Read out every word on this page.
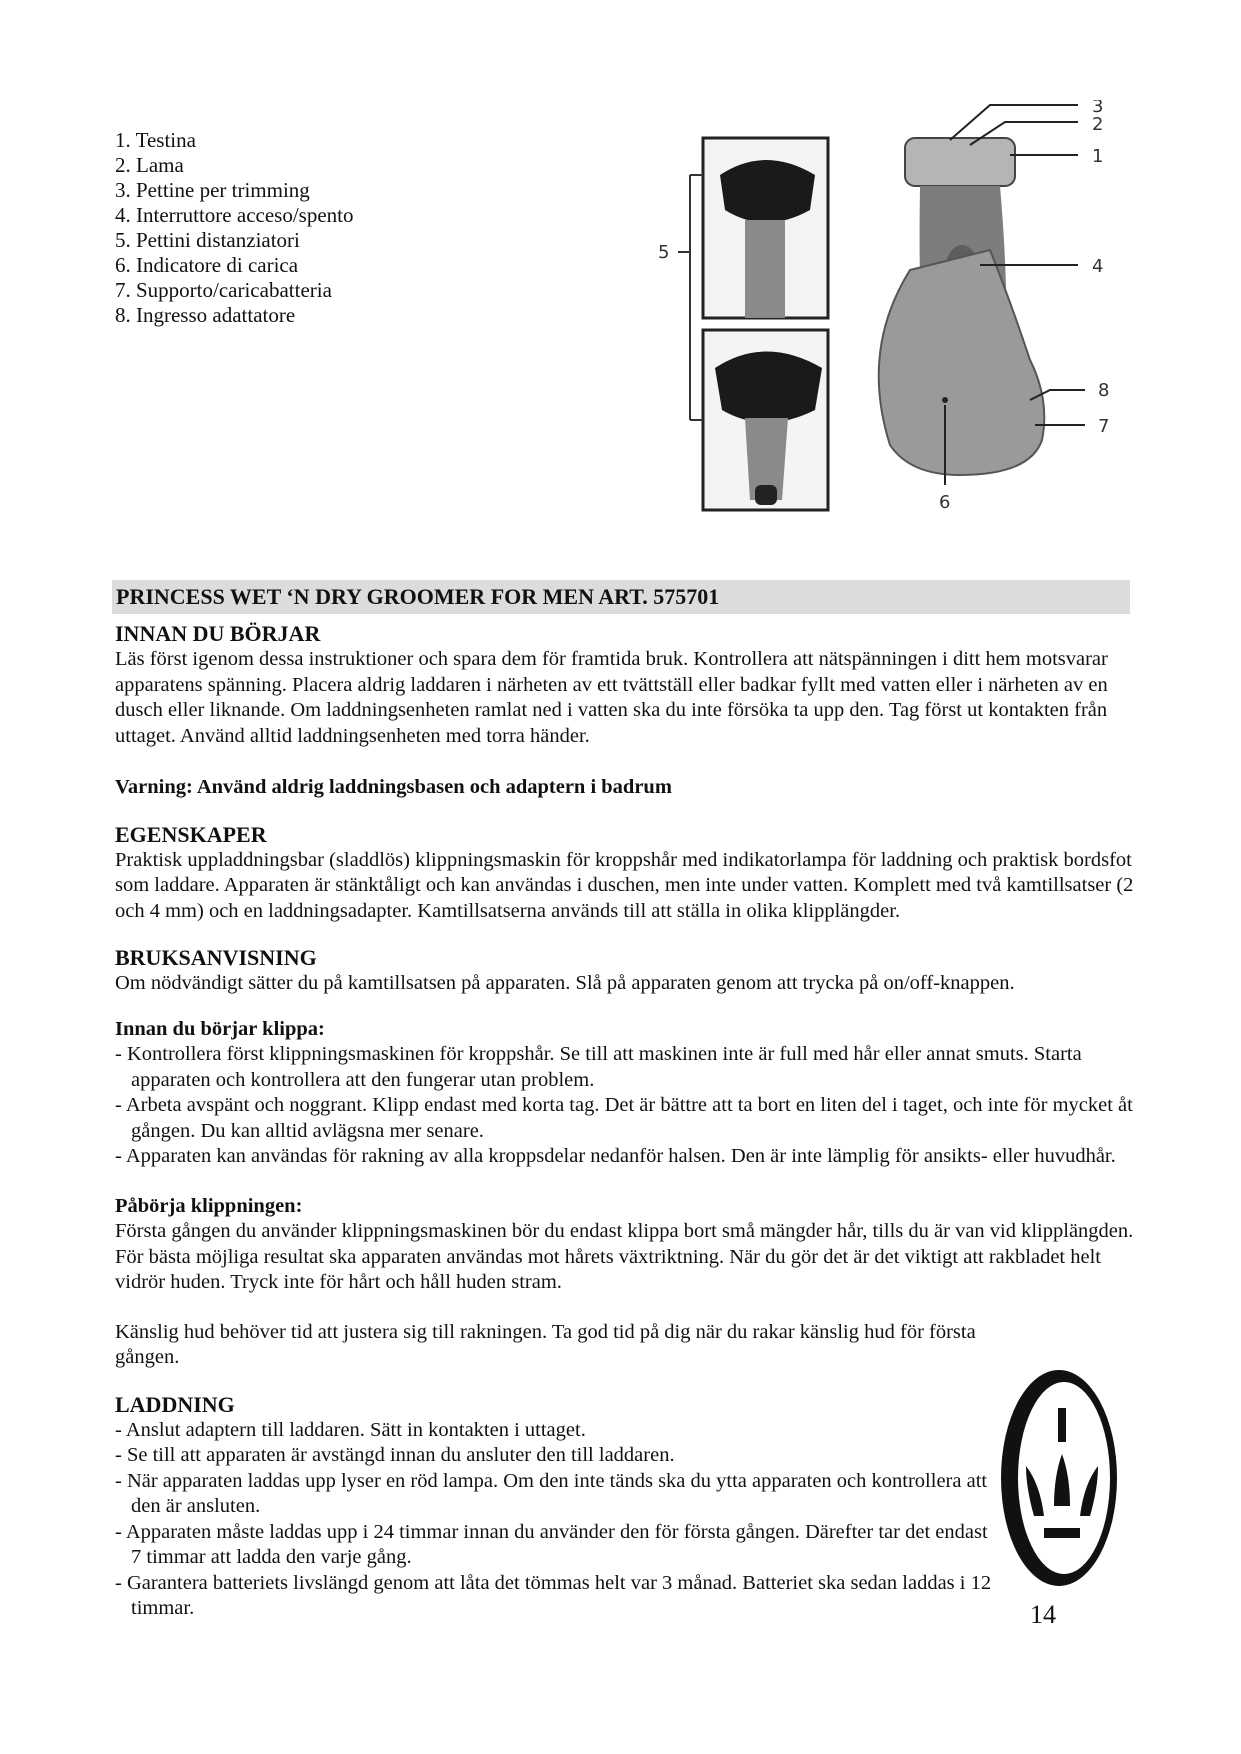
1. Testina
2. Lama
3. Pettine per trimming
4. Interruttore acceso/spento
5. Pettini distanziatori
6. Indicatore di carica
7. Supporto/caricabatteria
8. Ingresso adattatore
3
2
1
4
5
8
7
6
PRINCESS WET ‘N DRY GROOMER FOR MEN ART. 575701
INNAN DU BÖRJAR

Läs först igenom dessa instruktioner och spara dem för framtida bruk. Kontrollera att nätspänningen i ditt hem motsvarar apparatens spänning. Placera aldrig laddaren i närheten av ett tvättställ eller badkar fyllt med vatten eller i närheten av en dusch eller liknande. Om laddningsenheten ramlat ned i vatten ska du inte försöka ta upp den. Tag först ut kontakten från uttaget. Använd alltid laddningsenheten med torra händer.

Varning: Använd aldrig laddningsbasen och adaptern i badrum

EGENSKAPER

Praktisk uppladdningsbar (sladdlös) klippningsmaskin för kroppshår med indikatorlampa för laddning och praktisk bordsfot som laddare. Apparaten är stänktåligt och kan användas i duschen, men inte under vatten. Komplett med två kamtillsatser (2 och 4 mm) och en laddningsadapter. Kamtillsatserna används till att ställa in olika klipplängder.

BRUKSANVISNING

Om nödvändigt sätter du på kamtillsatsen på apparaten. Slå på apparaten genom att trycka på on/off-knappen.

Innan du börjar klippa:
- Kontrollera först klippningsmaskinen för kroppshår. Se till att maskinen inte är full med hår eller annat smuts. Starta apparaten och kontrollera att den fungerar utan problem.
- Arbeta avspänt och noggrant. Klipp endast med korta tag. Det är bättre att ta bort en liten del i taget, och inte för mycket åt gången. Du kan alltid avlägsna mer senare.
- Apparaten kan användas för rakning av alla kroppsdelar nedanför halsen. Den är inte lämplig för ansikts- eller huvudhår.
Påbörja klippningen:

Första gången du använder klippningsmaskinen bör du endast klippa bort små mängder hår, tills du är van vid klipplängden. För bästa möjliga resultat ska apparaten användas mot hårets växtriktning. När du gör det är det viktigt att rakbladet helt vidrör huden. Tryck inte för hårt och håll huden stram.

Känslig hud behöver tid att justera sig till rakningen. Ta god tid på dig när du rakar känslig hud för första gången.

LADDNING
- Anslut adaptern till laddaren. Sätt in kontakten i uttaget.
- Se till att apparaten är avstängd innan du ansluter den till laddaren.
- När apparaten laddas upp lyser en röd lampa. Om den inte tänds ska du ytta apparaten och kontrollera att den är ansluten.
- Apparaten måste laddas upp i 24 timmar innan du använder den för första gången. Därefter tar det endast 7 timmar att ladda den varje gång.
- Garantera batteriets livslängd genom att låta det tömmas helt var 3 månad. Batteriet ska sedan laddas i 12 timmar.	14
